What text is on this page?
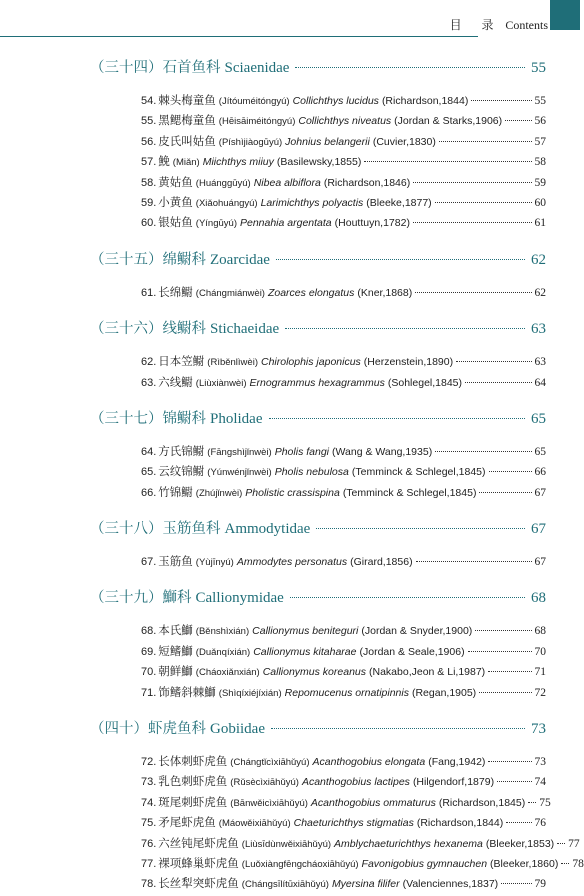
目 录 Contents
（三十四）石首鱼科 Sciaenidae	55
54. 棘头梅童鱼 (Jítóuméitóngyú) Collichthys lucidus (Richardson,1844)	55
55. 黑鳃梅童鱼 (Hēisāiméitóngyú) Collichthys niveatus (Jordan & Starks,1906)	56
56. 皮氏叫姑鱼 (Píshìjiàogūyú) Johnius belangerii (Cuvier,1830)	57
57. 鮸 (Miǎn) Miichthys miiuy (Basilewsky,1855)	58
58. 黄姑鱼 (Huánggūyú) Nibea albiflora (Richardson,1846)	59
59. 小黄鱼 (Xiǎohuángyú) Larimichthys polyactis (Bleeke,1877)	60
60. 银姑鱼 (Yíngūyú) Pennahia argentata (Houttuyn,1782)	61
（三十五）绵鳚科 Zoarcidae	62
61. 长绵鳚 (Chángmiánwèi) Zoarces elongatus (Kner,1868)	62
（三十六）线鳚科 Stichaeidae	63
62. 日本笠鳚 (Rìběnlìwèi) Chirolophis japonicus (Herzenstein,1890)	63
63. 六线鳚 (Liùxiànwèi) Ernogrammus hexagrammus (Sohlegel,1845)	64
（三十七）锦鳚科 Pholidae	65
64. 方氏锦鳚 (Fāngshìjǐnwèi) Pholis fangi (Wang & Wang,1935)	65
65. 云纹锦鳚 (Yúnwénjǐnwèi) Pholis nebulosa (Temminck & Schlegel,1845)	66
66. 竹锦鳚 (Zhújǐnwèi) Pholistic crassispina (Temminck & Schlegel,1845)	67
（三十八）玉筋鱼科 Ammodytidae	67
67. 玉筋鱼 (Yùjīnyú) Ammodytes personatus (Girard,1856)	67
（三十九）鰤科 Callionymidae	68
68. 本氏鰤 (Běnshìxián) Callionymus beniteguri (Jordan & Snyder,1900)	68
69. 短鳍鰤 (Duǎnqíxián) Callionymus kitaharae (Jordan & Seale,1906)	70
70. 朝鲜鰤 (Cháoxiǎnxián) Callionymus koreanus (Nakabo,Jeon & Li,1987)	71
71. 饰鳍斜棘鰤 (Shìqíxiéjíxián) Repomucenus ornatipinnis (Regan,1905)	72
（四十）虾虎鱼科 Gobiidae	73
72. 长体刺虾虎鱼 (Chángtǐcìxiāhǔyú) Acanthogobius elongata (Fang,1942)	73
73. 乳色刺虾虎鱼 (Rǔsècìxiāhǔyú) Acanthogobius lactipes (Hilgendorf,1879)	74
74. 斑尾刺虾虎鱼 (Bānwěicìxiāhǔyú) Acanthogobius ommaturus (Richardson,1845) 75
75. 矛尾虾虎鱼 (Máowěixiāhǔyú) Chaeturichthys stigmatias (Richardson,1844)	76
76. 六丝钝尾虾虎鱼 (Liùsīdùnwěixiāhǔyú) Amblychaeturichthys hexanema (Bleeker,1853) 77
77. 裸项蜂巢虾虎鱼 (Luǒxiàngfēngcháoxiāhǔyú) Favonigobius gymnauchen (Bleeker,1860) 78
78. 长丝犁突虾虎鱼 (Chángsīlítūxiāhǔyú) Myersina filifer (Valenciennes,1837)	79
